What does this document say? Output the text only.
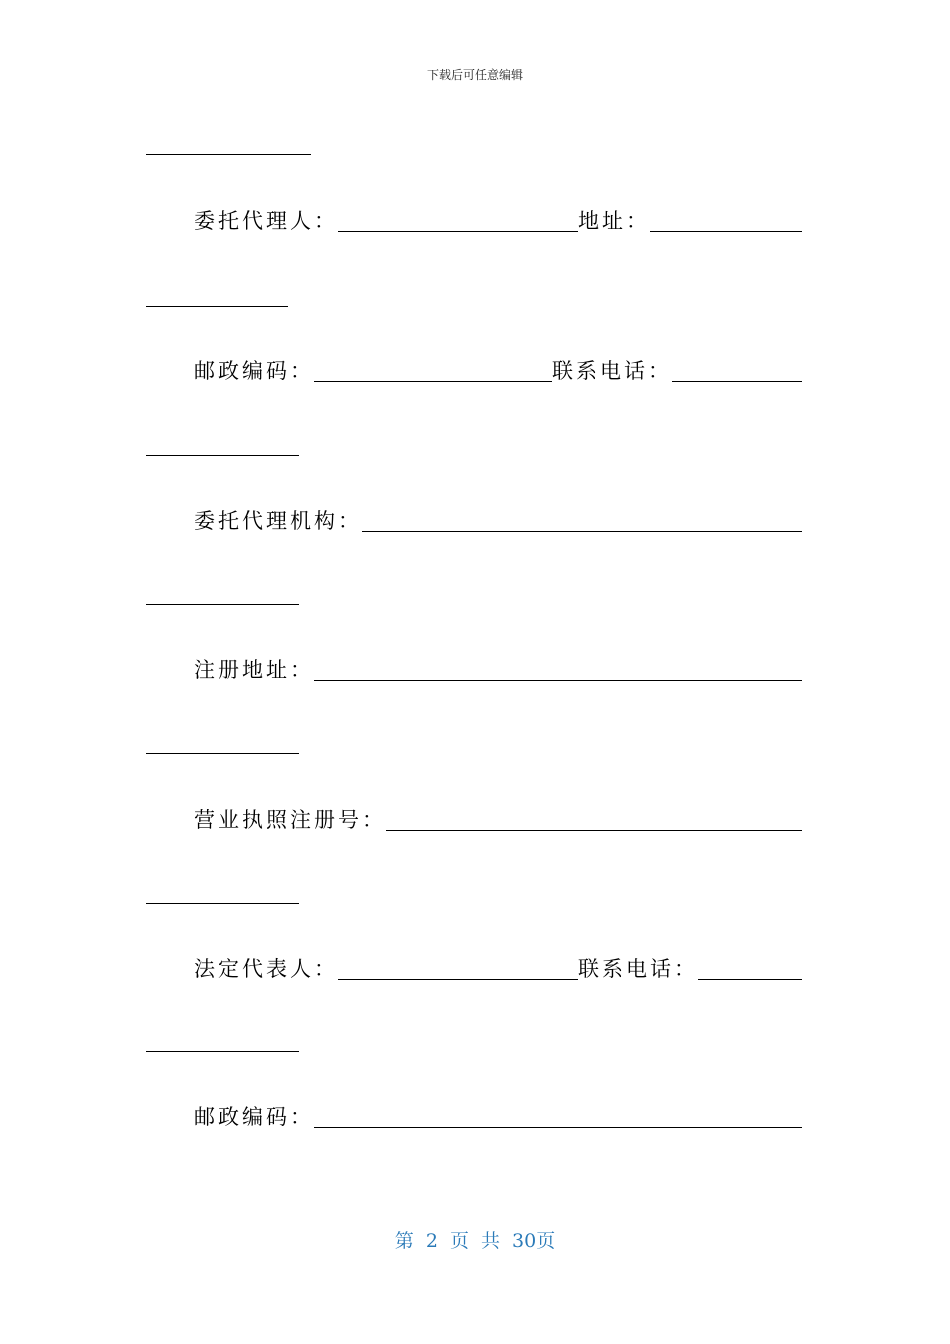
下载后可任意编辑
委托代理人：	地址：
邮政编码：	联系电话：
委托代理机构：
注册地址：
营业执照注册号：
法定代表人：	联系电话：
邮政编码：
第 2 页 共 30页
